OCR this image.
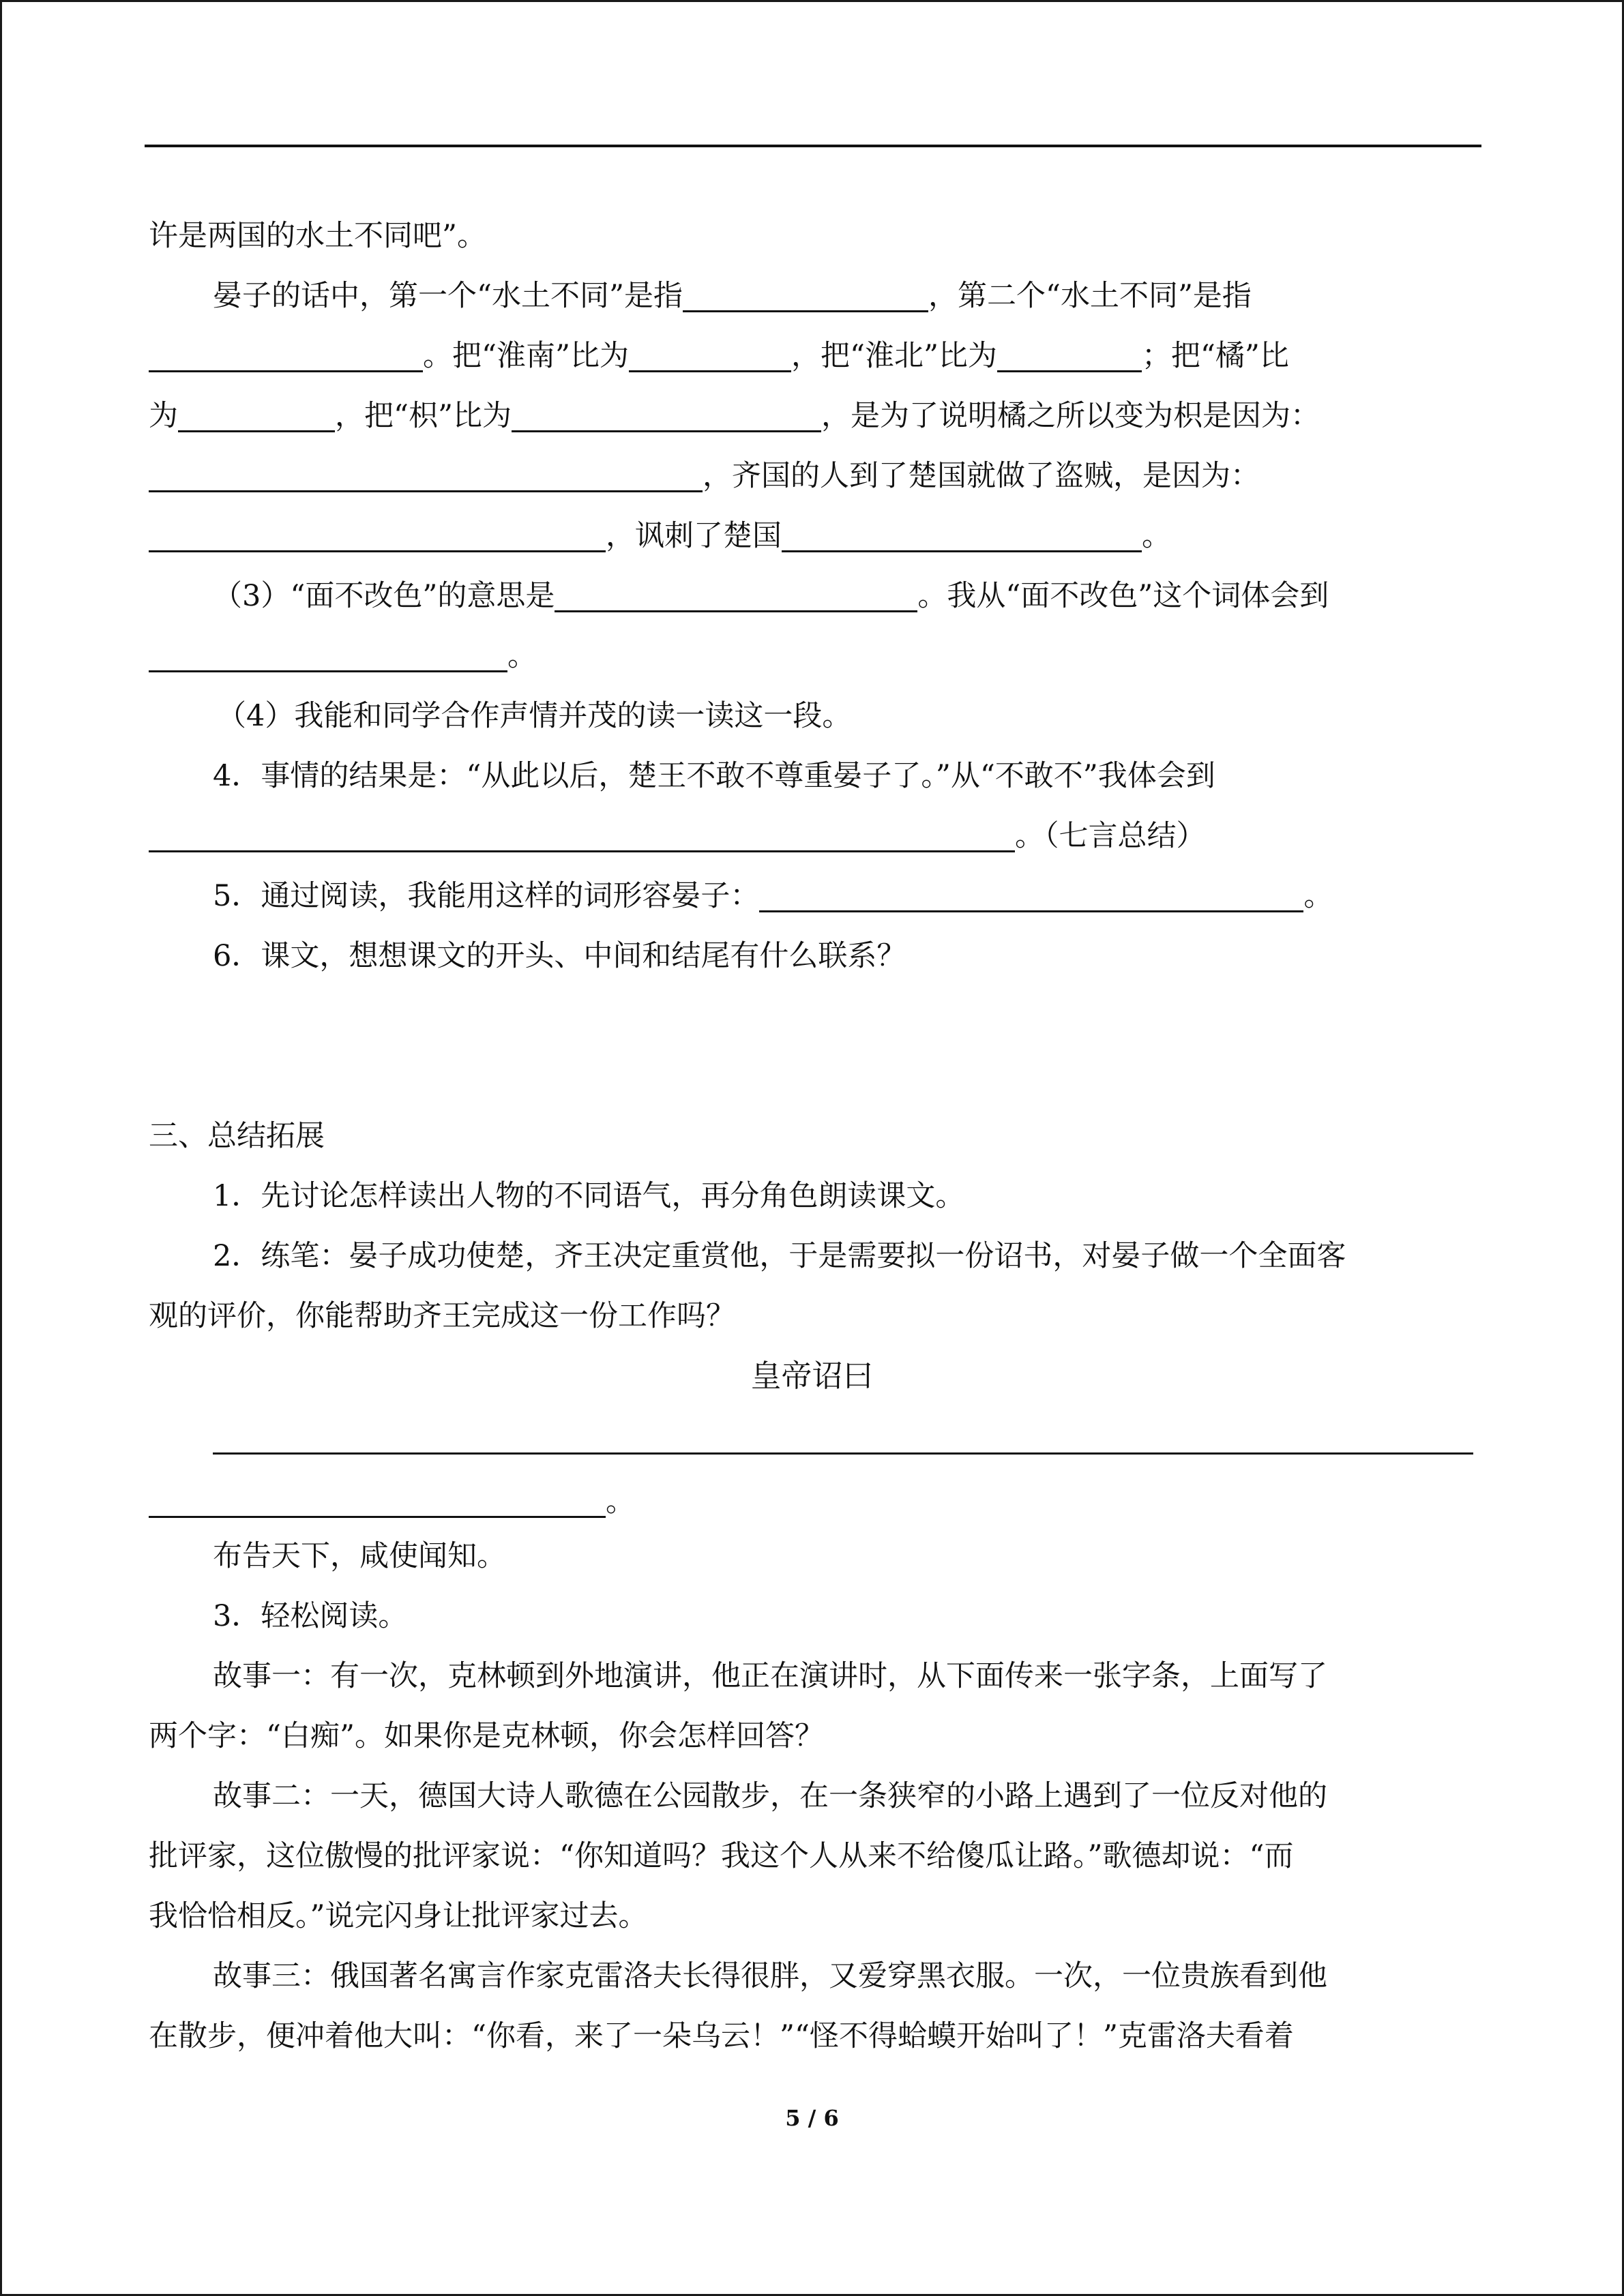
许是两国的水土不同吧”。
晏子的话中，第一个“水土不同”是指	，第二个“水土不同”是指
。把“淮南”比为	，把“淮北”比为	；把“橘”比
为	，把“枳”比为	，是为了说明橘之所以变为枳是因为：
，齐国的人到了楚国就做了盗贼，是因为：
，讽刺了楚国	。
（3）“面不改色”的意思是	。我从“面不改色”这个词体会到
。
（4）我能和同学合作声情并茂的读一读这一段。
4．事情的结果是：“从此以后，楚王不敢不尊重晏子了。”从“不敢不”我体会到
。（七言总结）
5．通过阅读，我能用这样的词形容晏子：	。
6．课文，想想课文的开头、中间和结尾有什么联系？
三、总结拓展
1．先讨论怎样读出人物的不同语气，再分角色朗读课文。
2．练笔：晏子成功使楚，齐王决定重赏他，于是需要拟一份诏书，对晏子做一个全面客
观的评价，你能帮助齐王完成这一份工作吗？
皇帝诏曰
。
布告天下，咸使闻知。
3．轻松阅读。
故事一：有一次，克林顿到外地演讲，他正在演讲时，从下面传来一张字条，上面写了
两个字：“白痴”。如果你是克林顿，你会怎样回答？
故事二：一天，德国大诗人歌德在公园散步，在一条狭窄的小路上遇到了一位反对他的
批评家，这位傲慢的批评家说：“你知道吗？我这个人从来不给傻瓜让路。”歌德却说：“而
我恰恰相反。”说完闪身让批评家过去。
故事三：俄国著名寓言作家克雷洛夫长得很胖，又爱穿黑衣服。一次，一位贵族看到他
在散步，便冲着他大叫：“你看，来了一朵乌云！”“怪不得蛤蟆开始叫了！”克雷洛夫看着
5 / 6
